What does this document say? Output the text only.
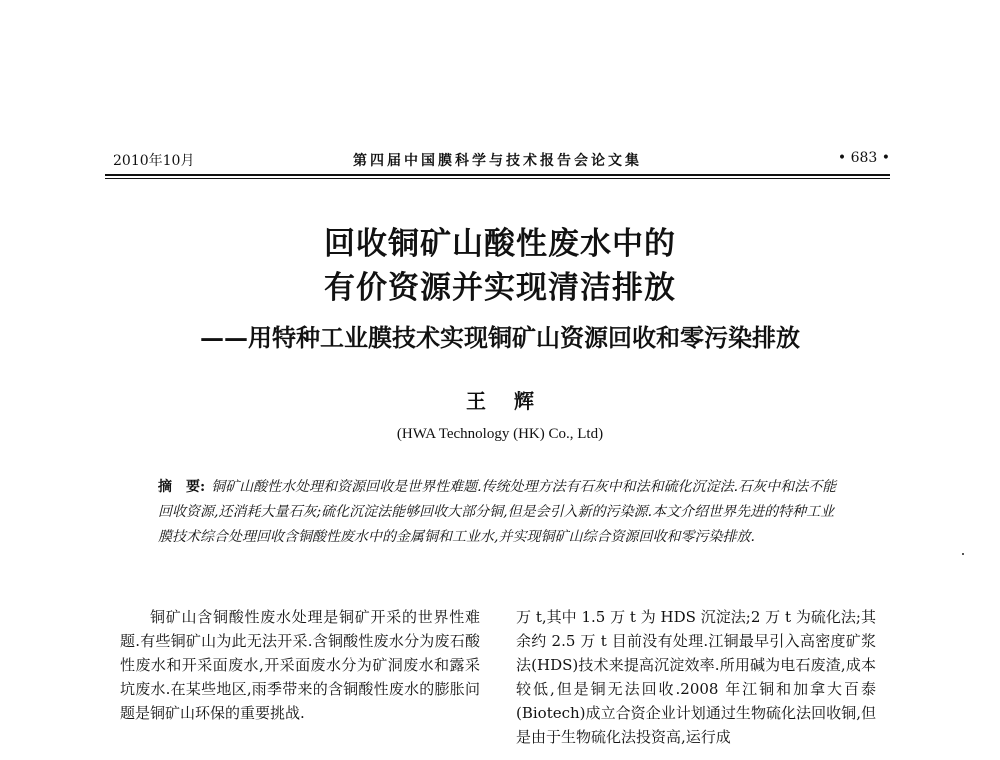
2010年10月	第四届中国膜科学与技术报告会论文集	• 683 •
回收铜矿山酸性废水中的
有价资源并实现清洁排放
——用特种工业膜技术实现铜矿山资源回收和零污染排放
王辉
(HWA Technology (HK) Co., Ltd)
摘　要: 铜矿山酸性水处理和资源回收是世界性难题.传统处理方法有石灰中和法和硫化沉淀法.石灰中和法不能回收资源,还消耗大量石灰;硫化沉淀法能够回收大部分铜,但是会引入新的污染源.本文介绍世界先进的特种工业膜技术综合处理回收含铜酸性废水中的金属铜和工业水,并实现铜矿山综合资源回收和零污染排放.

铜矿山含铜酸性废水处理是铜矿开采的世界性难题.有些铜矿山为此无法开采.含铜酸性废水分为废石酸性废水和开采面废水,开采面废水分为矿洞废水和露采坑废水.在某些地区,雨季带来的含铜酸性废水的膨胀问题是铜矿山环保的重要挑战.

万 t,其中 1.5 万 t 为 HDS 沉淀法;2 万 t 为硫化法;其余约 2.5 万 t 目前没有处理.江铜最早引入高密度矿浆法(HDS)技术来提高沉淀效率.所用碱为电石废渣,成本较低,但是铜无法回收.2008 年江铜和加拿大百泰(Biotech)成立合资企业计划通过生物硫化法回收铜,但是由于生物硫化法投资高,运行成
